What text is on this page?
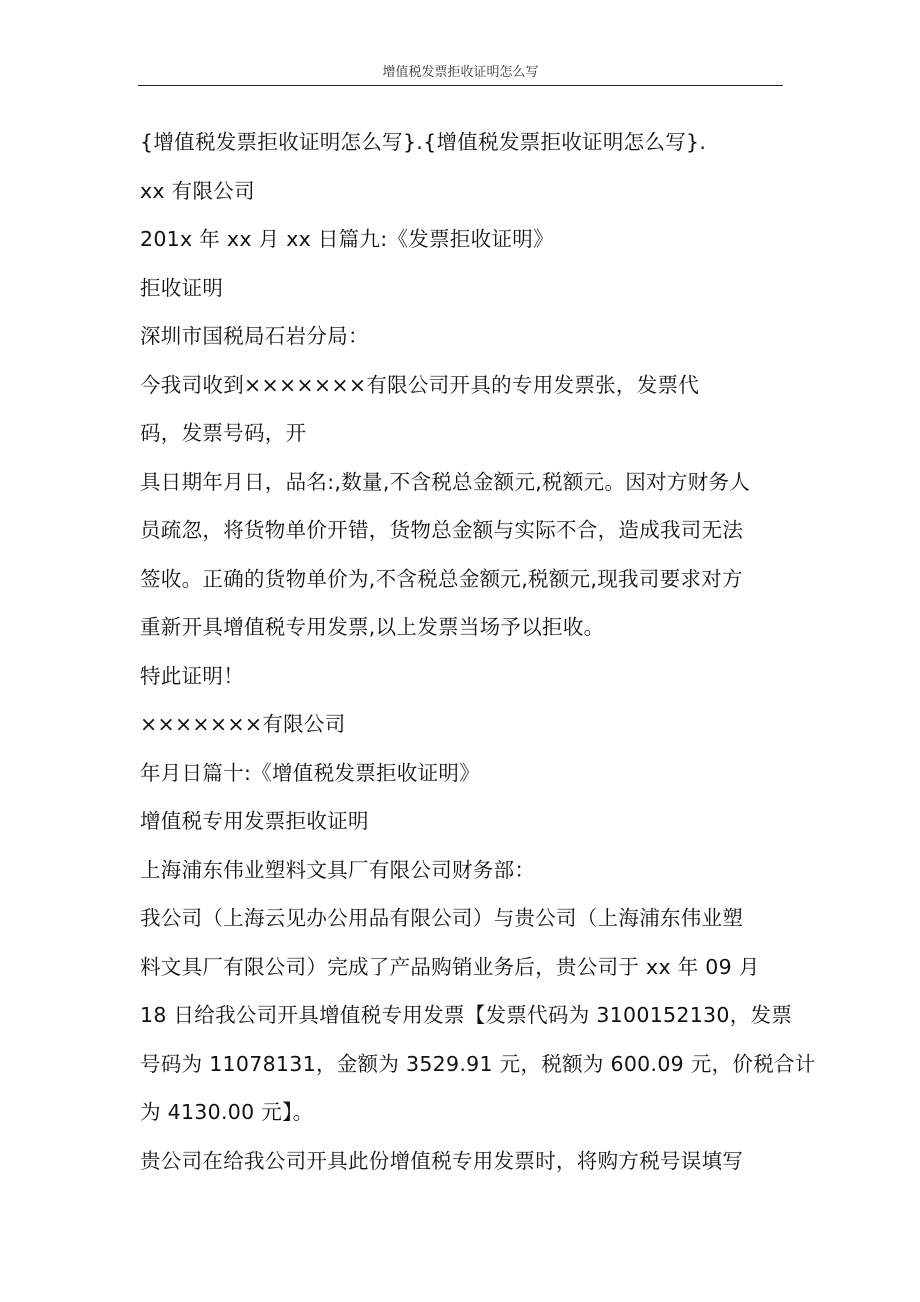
增值税发票拒收证明怎么写
{增值税发票拒收证明怎么写}.{增值税发票拒收证明怎么写}.
xx 有限公司
201x 年 xx 月 xx 日篇九:《发票拒收证明》
拒收证明
深圳市国税局石岩分局：
今我司收到×××××××有限公司开具的专用发票张，发票代
码，发票号码，开
具日期年月日，品名:,数量,不含税总金额元,税额元。因对方财务人
员疏忽，将货物单价开错，货物总金额与实际不合，造成我司无法
签收。正确的货物单价为,不含税总金额元,税额元,现我司要求对方
重新开具增值税专用发票,以上发票当场予以拒收。
特此证明！
×××××××有限公司
年月日篇十:《增值税发票拒收证明》
增值税专用发票拒收证明
上海浦东伟业塑料文具厂有限公司财务部：
我公司（上海云见办公用品有限公司）与贵公司（上海浦东伟业塑
料文具厂有限公司）完成了产品购销业务后，贵公司于 xx 年 09 月
18 日给我公司开具增值税专用发票【发票代码为 3100152130，发票
号码为 11078131，金额为 3529.91 元，税额为 600.09 元，价税合计
为 4130.00 元】。
贵公司在给我公司开具此份增值税专用发票时，将购方税号误填写
